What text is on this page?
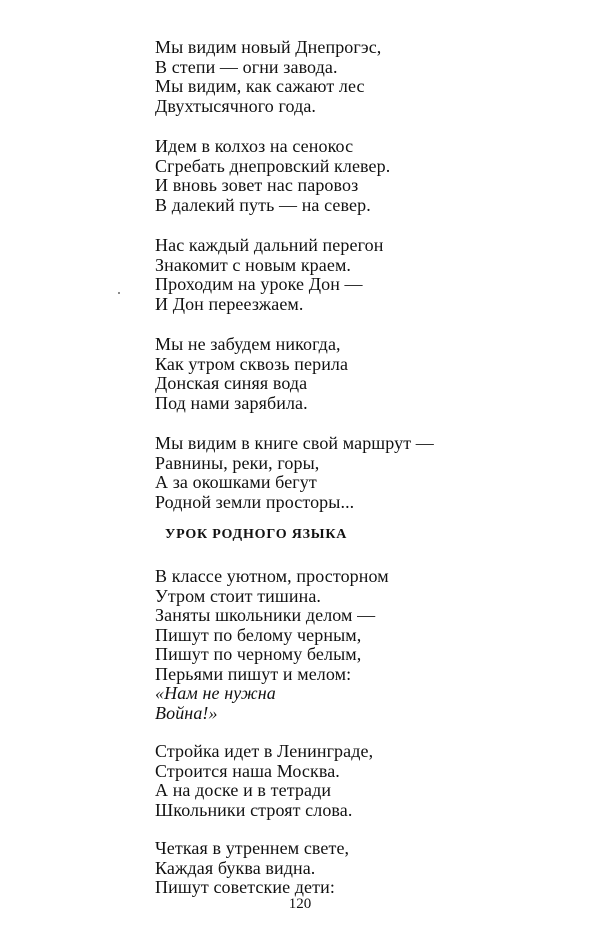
Мы видим новый Днепрогэс,
В степи — огни завода.
Мы видим, как сажают лес
Двухтысячного года.
Идем в колхоз на сенокос
Сгребать днепровский клевер.
И вновь зовет нас паровоз
В далекий путь — на север.
Нас каждый дальний перегон
Знакомит с новым краем.
Проходим на уроке Дон —
И Дон переезжаем.
Мы не забудем никогда,
Как утром сквозь перила
Донская синяя вода
Под нами зарябила.
Мы видим в книге свой маршрут —
Равнины, реки, горы,
А за окошками бегут
Родной земли просторы...
УРОК РОДНОГО ЯЗЫКА
В классе уютном, просторном
Утром стоит тишина.
Заняты школьники делом —
Пишут по белому черным,
Пишут по черному белым,
Перьями пишут и мелом:
«Нам не нужна
Война!»
Стройка идет в Ленинграде,
Строится наша Москва.
А на доске и в тетради
Школьники строят слова.
Четкая в утреннем свете,
Каждая буква видна.
Пишут советские дети:
120
